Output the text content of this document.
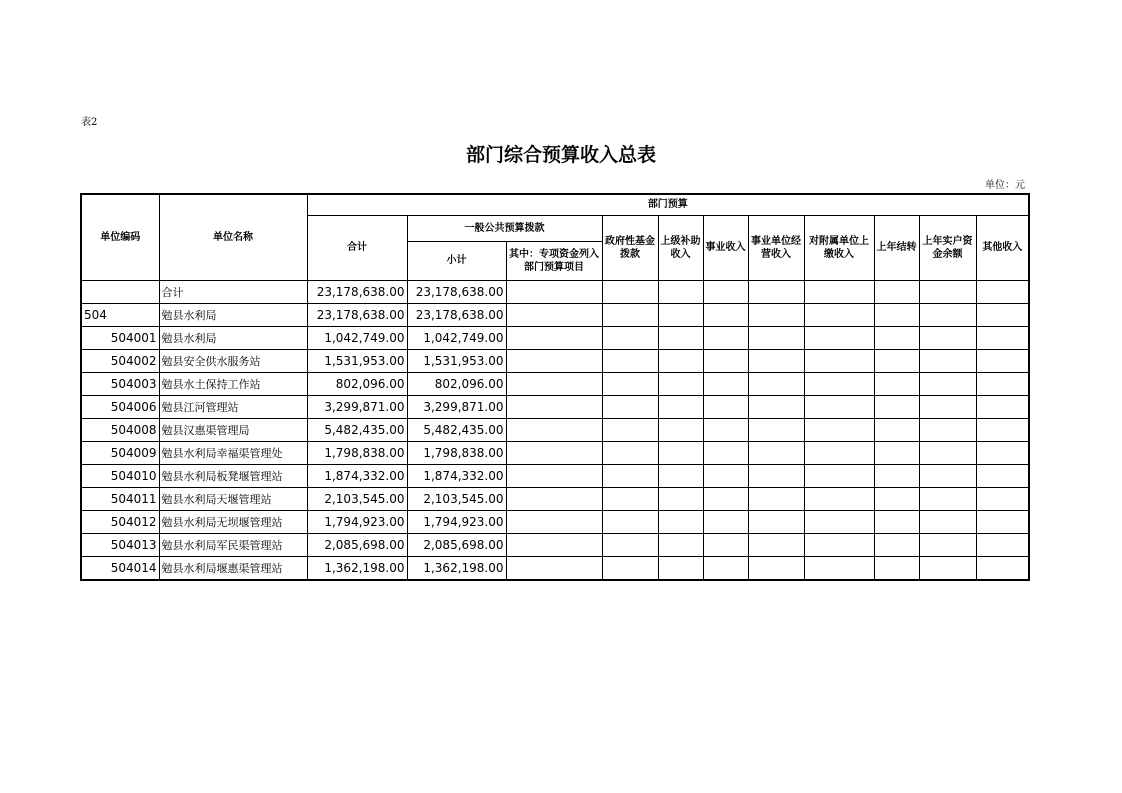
表2
部门综合预算收入总表
单位：元
单位编码	单位名称	部门预算										
		合计	一般公共预算拨款		政府性基金拨款	上级补助收入	事业收入	事业单位经营收入	对附属单位上缴收入	上年结转	上年实户资金余额	其他收入
			小计	其中：专项资金列入部门预算项目								
	合计	23,178,638.00	23,178,638.00									
504	勉县水利局	23,178,638.00	23,178,638.00									
504001	勉县水利局	1,042,749.00	1,042,749.00									
504002	勉县安全供水服务站	1,531,953.00	1,531,953.00									
504003	勉县水土保持工作站	802,096.00	802,096.00									
504006	勉县江河管理站	3,299,871.00	3,299,871.00									
504008	勉县汉惠渠管理局	5,482,435.00	5,482,435.00									
504009	勉县水利局幸福渠管理处	1,798,838.00	1,798,838.00									
504010	勉县水利局板凳堰管理站	1,874,332.00	1,874,332.00									
504011	勉县水利局天堰管理站	2,103,545.00	2,103,545.00									
504012	勉县水利局无坝堰管理站	1,794,923.00	1,794,923.00									
504013	勉县水利局军民渠管理站	2,085,698.00	2,085,698.00									
504014	勉县水利局堰惠渠管理站	1,362,198.00	1,362,198.00									
